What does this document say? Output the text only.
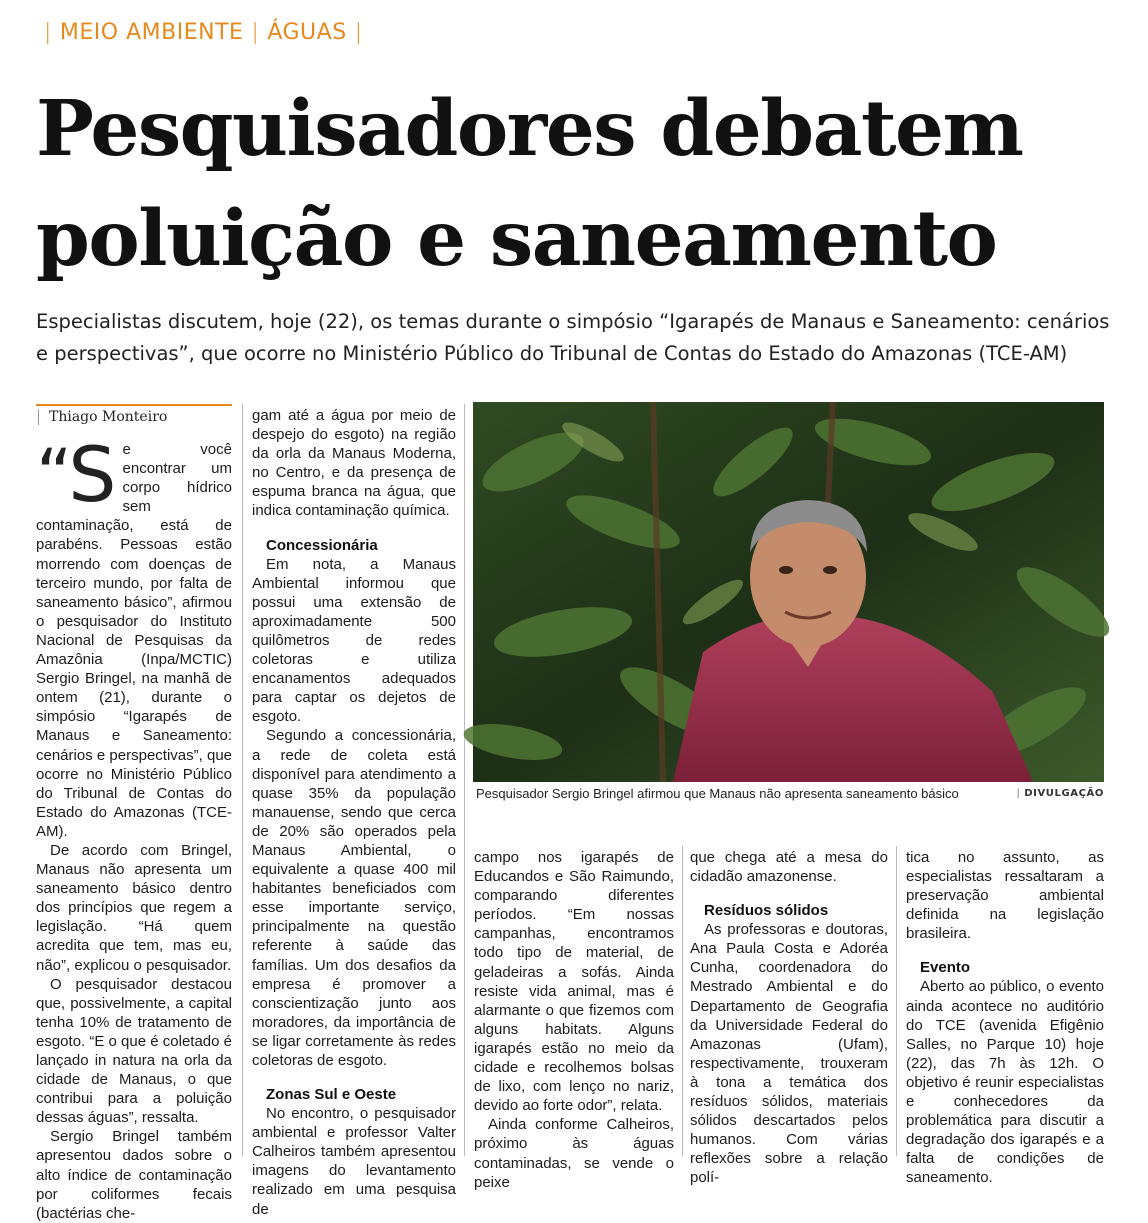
| MEIO AMBIENTE | ÁGUAS |
Pesquisadores debatem
poluição e saneamento
Especialistas discutem, hoje (22), os temas durante o simpósio “Igarapés de Manaus e Saneamento: cenários e perspectivas”, que ocorre no Ministério Público do Tribunal de Contas do Estado do Amazonas (TCE-AM)
Thiago Monteiro
“S e você encontrar um corpo hídrico sem contaminação, está de parabéns. Pessoas estão morrendo com doenças de terceiro mundo, por falta de saneamento básico”, afirmou o pesquisador do Instituto Nacional de Pesquisas da Amazônia (Inpa/MCTIC) Sergio Bringel, na manhã de ontem (21), durante o simpósio “Igarapés de Manaus e Saneamento: cenários e perspectivas”, que ocorre no Ministério Público do Tribunal de Contas do Estado do Amazonas (TCE-AM).

De acordo com Bringel, Manaus não apresenta um saneamento básico dentro dos princípios que regem a legislação. “Há quem acredita que tem, mas eu, não”, explicou o pesquisador.

O pesquisador destacou que, possivelmente, a capital tenha 10% de tratamento de esgoto. “E o que é coletado é lançado in natura na orla da cidade de Manaus, o que contribui para a poluição dessas águas”, ressalta.

Sergio Bringel também apresentou dados sobre o alto índice de contaminação por coliformes fecais (bactérias che-

gam até a água por meio de despejo do esgoto) na região da orla da Manaus Moderna, no Centro, e da presença de espuma branca na água, que indica contaminação química.

Concessionária

Em nota, a Manaus Ambiental informou que possui uma extensão de aproximadamente 500 quilômetros de redes coletoras e utiliza encanamentos adequados para captar os dejetos de esgoto.

Segundo a concessionária, a rede de coleta está disponível para atendimento a quase 35% da população manauense, sendo que cerca de 20% são operados pela Manaus Ambiental, o equivalente a quase 400 mil habitantes beneficiados com esse importante serviço, principalmente na questão referente à saúde das famílias. Um dos desafios da empresa é promover a conscientização junto aos moradores, da importância de se ligar corretamente às redes coletoras de esgoto.

Zonas Sul e Oeste

No encontro, o pesquisador ambiental e professor Valter Calheiros também apresentou imagens do levantamento realizado em uma pesquisa de

Pesquisador Sergio Bringel afirmou que Manaus não apresenta saneamento básico
|	DIVULGAÇÃO

campo nos igarapés de Educandos e São Raimundo, comparando diferentes períodos. “Em nossas campanhas, encontramos todo tipo de material, de geladeiras a sofás. Ainda resiste vida animal, mas é alarmante o que fizemos com alguns habitats. Alguns igarapés estão no meio da cidade e recolhemos bolsas de lixo, com lenço no nariz, devido ao forte odor”, relata.

Ainda conforme Calheiros, próximo às águas contaminadas, se vende o peixe

que chega até a mesa do cidadão amazonense.

Resíduos sólidos

As professoras e doutoras, Ana Paula Costa e Adoréa Cunha, coordenadora do Mestrado Ambiental e do Departamento de Geografia da Universidade Federal do Amazonas (Ufam), respectivamente, trouxeram à tona a temática dos resíduos sólidos, materiais sólidos descartados pelos humanos. Com várias reflexões sobre a relação polí-

tica no assunto, as especialistas ressaltaram a preservação ambiental definida na legislação brasileira.

Evento

Aberto ao público, o evento ainda acontece no auditório do TCE (avenida Efigênio Salles, no Parque 10) hoje (22), das 7h às 12h. O objetivo é reunir especialistas e conhecedores da problemática para discutir a degradação dos igarapés e a falta de condições de saneamento.
